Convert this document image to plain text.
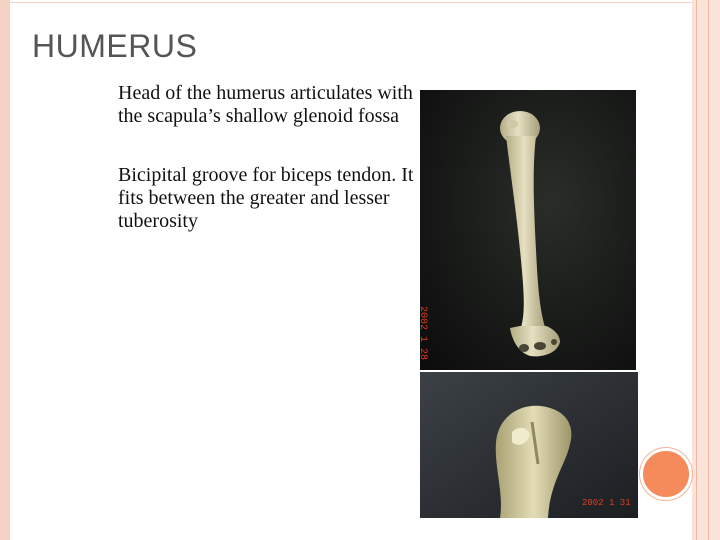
HUMERUS

Head of the humerus articulates with the scapula’s shallow glenoid fossa

Bicipital groove for biceps tendon. It fits between the greater and lesser tuberosity

2002 1 28
2002 1 31
